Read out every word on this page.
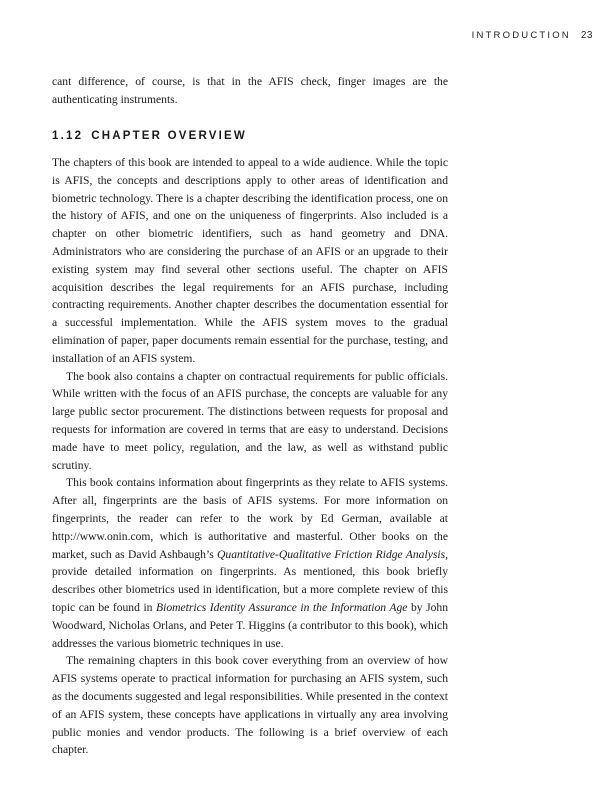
INTRODUCTION 23

cant difference, of course, is that in the AFIS check, finger images are the authenticating instruments.

1.12 CHAPTER OVERVIEW

The chapters of this book are intended to appeal to a wide audience. While the topic is AFIS, the concepts and descriptions apply to other areas of identification and biometric technology. There is a chapter describing the identification process, one on the history of AFIS, and one on the uniqueness of fingerprints. Also included is a chapter on other biometric identifiers, such as hand geometry and DNA. Administrators who are considering the purchase of an AFIS or an upgrade to their existing system may find several other sections useful. The chapter on AFIS acquisition describes the legal requirements for an AFIS purchase, including contracting requirements. Another chapter describes the documentation essential for a successful implementation. While the AFIS system moves to the gradual elimination of paper, paper documents remain essential for the purchase, testing, and installation of an AFIS system.

The book also contains a chapter on contractual requirements for public officials. While written with the focus of an AFIS purchase, the concepts are valuable for any large public sector procurement. The distinctions between requests for proposal and requests for information are covered in terms that are easy to understand. Decisions made have to meet policy, regulation, and the law, as well as withstand public scrutiny.

This book contains information about fingerprints as they relate to AFIS systems. After all, fingerprints are the basis of AFIS systems. For more information on fingerprints, the reader can refer to the work by Ed German, available at http://www.onin.com, which is authoritative and masterful. Other books on the market, such as David Ashbaugh’s Quantitative-Qualitative Friction Ridge Analysis, provide detailed information on fingerprints. As mentioned, this book briefly describes other biometrics used in identification, but a more complete review of this topic can be found in Biometrics Identity Assurance in the Information Age by John Woodward, Nicholas Orlans, and Peter T. Higgins (a contributor to this book), which addresses the various biometric techniques in use.

The remaining chapters in this book cover everything from an overview of how AFIS systems operate to practical information for purchasing an AFIS system, such as the documents suggested and legal responsibilities. While presented in the context of an AFIS system, these concepts have applications in virtually any area involving public monies and vendor products. The following is a brief overview of each chapter.
